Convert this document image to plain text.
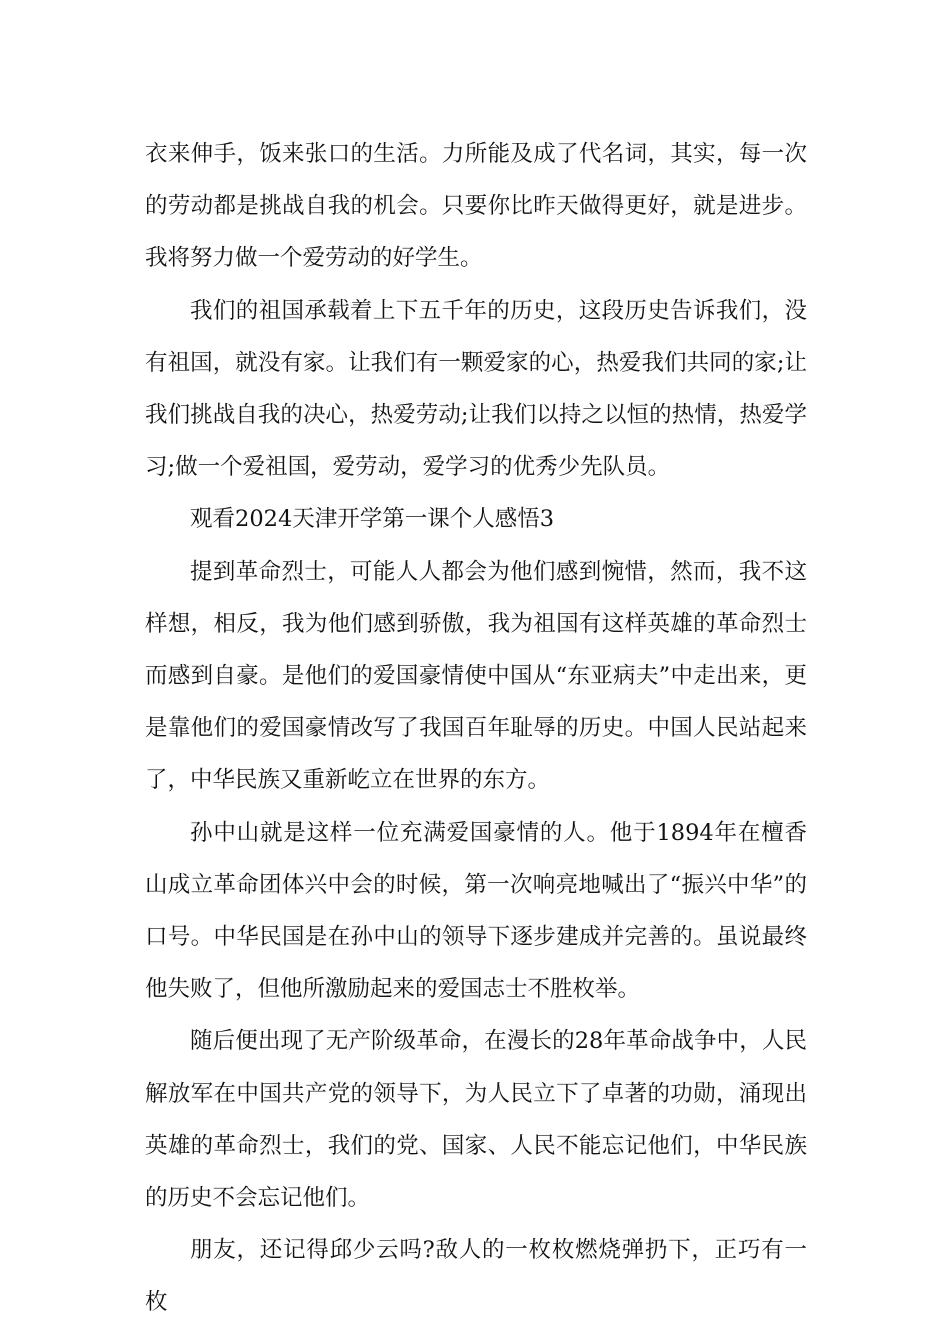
衣来伸手，饭来张口的生活。力所能及成了代名词，其实，每一次的劳动都是挑战自我的机会。只要你比昨天做得更好，就是进步。我将努力做一个爱劳动的好学生。

我们的祖国承载着上下五千年的历史，这段历史告诉我们，没有祖国，就没有家。让我们有一颗爱家的心，热爱我们共同的家;让我们挑战自我的决心，热爱劳动;让我们以持之以恒的热情，热爱学习;做一个爱祖国，爱劳动，爱学习的优秀少先队员。

观看2024天津开学第一课个人感悟3

提到革命烈士，可能人人都会为他们感到惋惜，然而，我不这样想，相反，我为他们感到骄傲，我为祖国有这样英雄的革命烈士而感到自豪。是他们的爱国豪情使中国从“东亚病夫”中走出来，更是靠他们的爱国豪情改写了我国百年耻辱的历史。中国人民站起来了，中华民族又重新屹立在世界的东方。

孙中山就是这样一位充满爱国豪情的人。他于1894年在檀香山成立革命团体兴中会的时候，第一次响亮地喊出了“振兴中华”的口号。中华民国是在孙中山的领导下逐步建成并完善的。虽说最终他失败了，但他所激励起来的爱国志士不胜枚举。

随后便出现了无产阶级革命，在漫长的28年革命战争中，人民解放军在中国共产党的领导下，为人民立下了卓著的功勋，涌现出英雄的革命烈士，我们的党、国家、人民不能忘记他们，中华民族的历史不会忘记他们。

朋友，还记得邱少云吗?敌人的一枚枚燃烧弹扔下，正巧有一枚
